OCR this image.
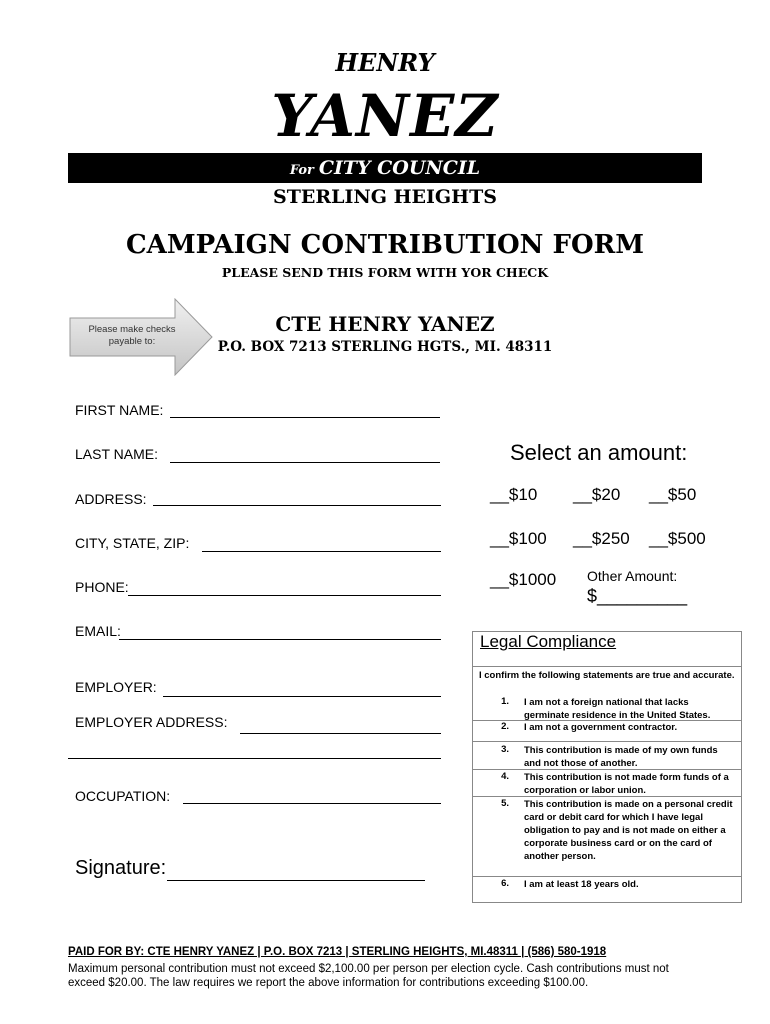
HENRY
YANEZ
For CITY COUNCIL
STERLING HEIGHTS
CAMPAIGN CONTRIBUTION FORM
PLEASE SEND THIS FORM WITH YOR CHECK
Please make checks payable to:
CTE HENRY YANEZ
P.O. BOX 7213 STERLING HGTS., MI. 48311
FIRST NAME:
LAST NAME:
ADDRESS:
CITY, STATE, ZIP:
PHONE:
EMAIL:
EMPLOYER:
EMPLOYER ADDRESS:
OCCUPATION:
Signature:
Select an amount:
__$10 __$20 __$50
__$100 __$250 __$500
__$1000 Other Amount:
$_________
Legal Compliance
I confirm the following statements are true and accurate.
1. I am not a foreign national that lacks germinate residence in the United States.
2. I am not a government contractor.
3. This contribution is made of my own funds and not those of another.
4. This contribution is not made form funds of a corporation or labor union.
5. This contribution is made on a personal credit card or debit card for which I have legal obligation to pay and is not made on either a corporate business card or on the card of another person.
6. I am at least 18 years old.
PAID FOR BY: CTE HENRY YANEZ | P.O. BOX 7213 | STERLING HEIGHTS, MI.48311 | (586) 580-1918
Maximum personal contribution must not exceed $2,100.00 per person per election cycle. Cash contributions must not exceed $20.00. The law requires we report the above information for contributions exceeding $100.00.
